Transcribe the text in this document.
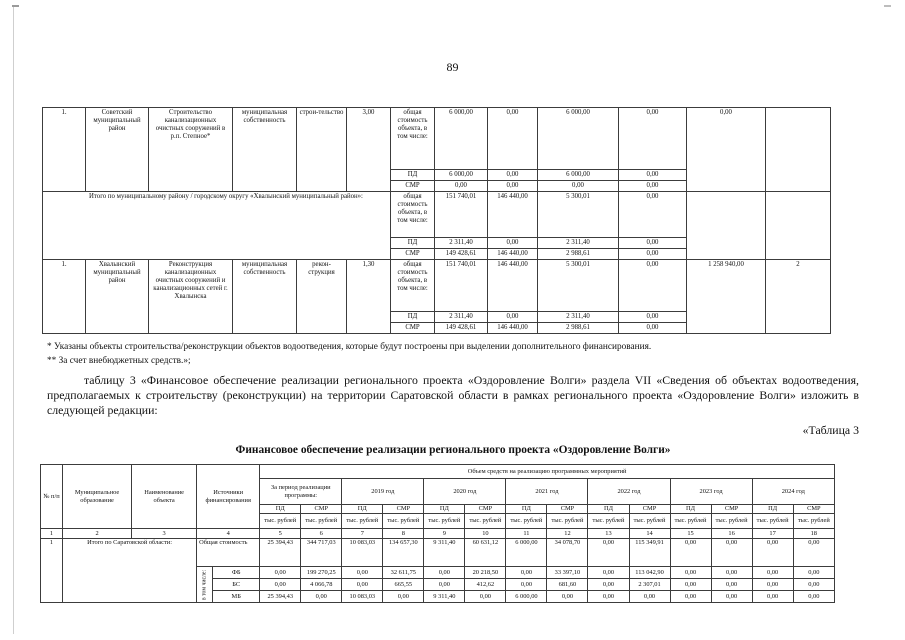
89
1.	Советский муниципальный район	Строительство канализационных очистных сооружений в р.п. Степное*	муниципальная собственность	строи-тельство	3,00	общая стоимость объекта, в том числе:	6 000,00	0,00	6 000,00	0,00	0,00	
						ПД	6 000,00	0,00	6 000,00	0,00		
						СМР	0,00	0,00	0,00	0,00		
Итого по муниципальному району / городскому округу «Хвалынский муниципальный район»:						общая стоимость объекта, в том числе:	151 740,01	146 440,00	5 300,01	0,00		
						ПД	2 311,40	0,00	2 311,40	0,00		
						СМР	149 428,61	146 440,00	2 988,61	0,00		
1.	Хвалынский муниципальный район	Реконструкция канализационных очистных сооружений и канализационных сетей г. Хвалынска	муниципальная собственность	рекон-струкция	1,30	общая стоимость объекта, в том числе:	151 740,01	146 440,00	5 300,01	0,00	1 258 940,00	2
						ПД	2 311,40	0,00	2 311,40	0,00		
						СМР	149 428,61	146 440,00	2 988,61	0,00		
* Указаны объекты строительства/реконструкции объектов водоотведения, которые будут построены при выделении дополнительного финансирования.
** За счет внебюджетных средств.»;
таблицу 3 «Финансовое обеспечение реализации регионального проекта «Оздоровление Волги» раздела VII «Сведения об объектах водоотведения, предполагаемых к строительству (реконструкции) на территории Саратовской области в рамках регионального проекта «Оздоровление Волги» изложить в следующей редакции:
«Таблица 3
Финансовое обеспечение реализации регионального проекта «Оздоровление Волги»
№ п/п	Муниципальное образование	Наименование объекта	Источники финансирования		Объем средств на реализацию программных мероприятий													
					За период реализации программы:		2019 год		2020 год		2021 год		2022 год		2023 год		2024 год	
					ПД	СМР	ПД	СМР	ПД	СМР	ПД	СМР	ПД	СМР	ПД	СМР	ПД	СМР
					тыс. рублей	тыс. рублей	тыс. рублей	тыс. рублей	тыс. рублей	тыс. рублей	тыс. рублей	тыс. рублей	тыс. рублей	тыс. рублей	тыс. рублей	тыс. рублей	тыс. рублей	тыс. рублей
1	2	3	4		5	6	7	8	9	10	11	12	13	14	15	16	17	18
1	Итого по Саратовской области:		Общая стоимость		25 394,43	344 717,03	10 083,03	134 657,30	9 311,40	60 631,12	6 000,00	34 078,70	0,00	115 349,91	0,00	0,00	0,00	0,00

			в том числе:	ФБ	0,00	199 270,25	0,00	32 611,75	0,00	20 218,50	0,00	33 397,10	0,00	113 042,90	0,00	0,00	0,00	0,00
				БС	0,00	4 066,78	0,00	665,55	0,00	412,62	0,00	681,60	0,00	2 307,01	0,00	0,00	0,00	0,00
				МБ	25 394,43	0,00	10 083,03	0,00	9 311,40	0,00	6 000,00	0,00	0,00	0,00	0,00	0,00	0,00	0,00
